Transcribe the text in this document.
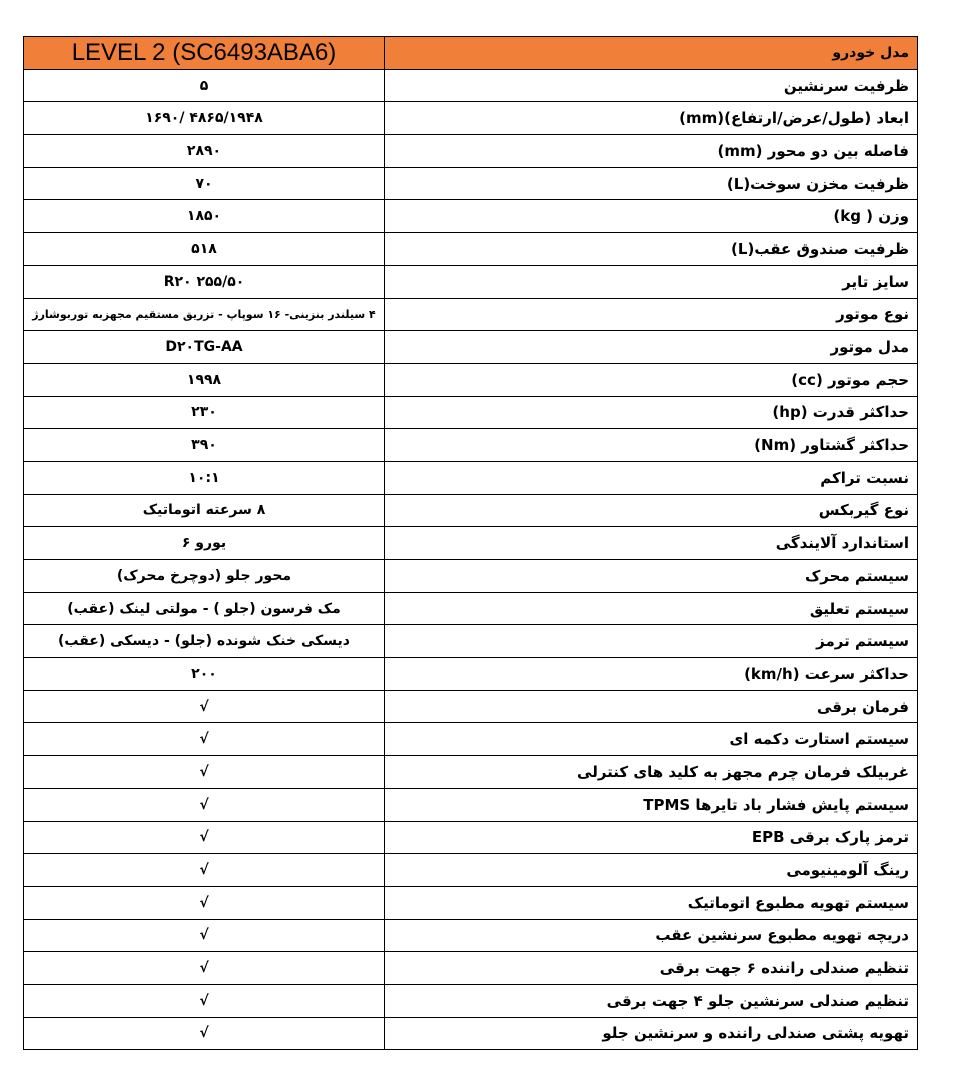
LEVEL 2 (SC6493ABA6)	مدل خودرو
۵	ظرفیت سرنشین
۴۸۶۵/۱۹۴۸ /۱۶۹۰	ابعاد (طول/عرض/ارتفاع)(mm)
۲۸۹۰	فاصله بین دو محور (mm)
۷۰	ظرفیت مخزن سوخت(L)
۱۸۵۰	وزن ( kg)
۵۱۸	ظرفیت صندوق عقب(L)
۲۵۵/۵۰ R۲۰	سایز تایر
۴ سیلندر بنزینی- ۱۶ سوپاپ - تزریق مستقیم مجهزبه توربوشارژ	نوع موتور
D۲۰TG-AA	مدل موتور
۱۹۹۸	حجم موتور (cc)
۲۳۰	حداکثر قدرت (hp)
۳۹۰	حداکثر گشتاور (Nm)
۱۰:۱	نسبت تراکم
۸ سرعته اتوماتیک	نوع گیربکس
یورو ۶	استاندارد آلایندگی
محور جلو (دوچرخ محرک)	سیستم محرک
مک فرسون (جلو ) - مولتی لینک (عقب)	سیستم تعلیق
دیسکی خنک شونده (جلو) - دیسکی (عقب)	سیستم ترمز
۲۰۰	حداکثر سرعت (km/h)
√	فرمان برقی
√	سیستم استارت دکمه ای
√	غربیلک فرمان چرم مجهز به کلید های کنترلی
√	سیستم پایش فشار باد تایرها TPMS
√	ترمز پارک برقی EPB
√	رینگ آلومینیومی
√	سیستم تهویه مطبوع اتوماتیک
√	دریچه تهویه مطبوع سرنشین عقب
√	تنظیم صندلی راننده ۶ جهت برقی
√	تنظیم صندلی سرنشین جلو ۴ جهت برقی
√	تهویه پشتی صندلی راننده و سرنشین جلو
